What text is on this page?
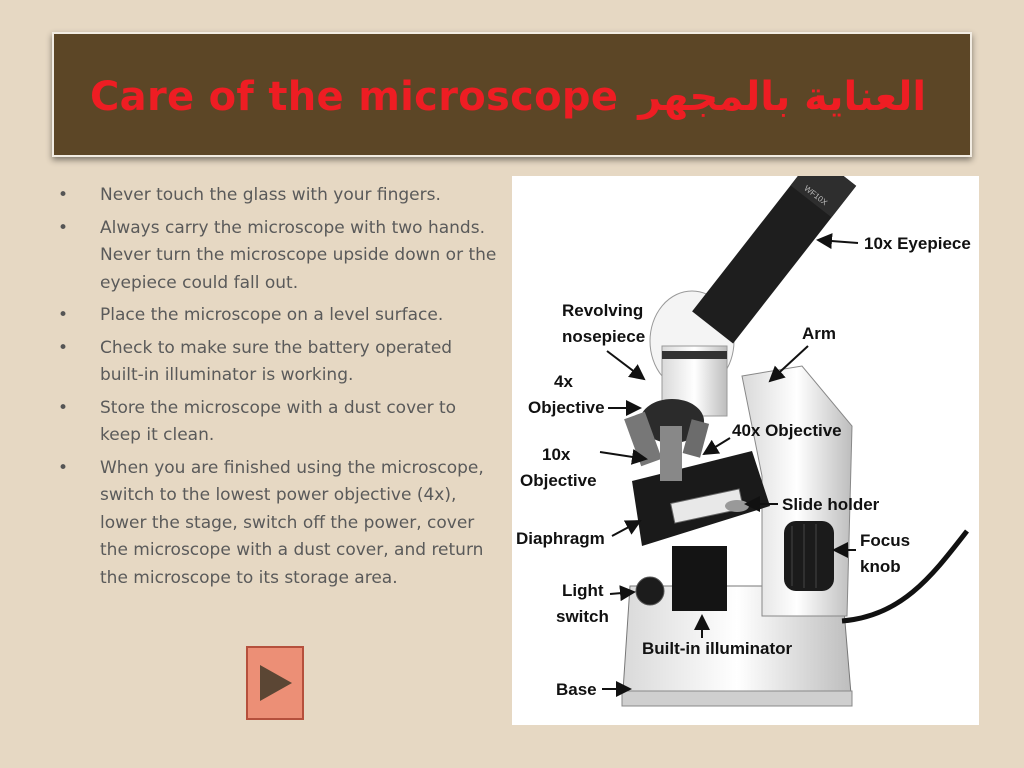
Care of the microscope العناية بالمجهر
• Never touch the glass with your fingers.
• Always carry the microscope with two hands. Never turn the microscope upside down or the eyepiece could fall out.
• Place the microscope on a level surface.
• Check to make sure the battery operated built-in illuminator is working.
• Store the microscope with a dust cover to keep it clean.
• When you are finished using the microscope, switch to the lowest power objective (4x), lower the stage, switch off the power, cover the microscope with a dust cover, and return the microscope to its storage area.
WF10X
10x Eyepiece
Revolving
nosepiece	Arm
4x
Objective
40x Objective
10x
Objective
Slide holder
Diaphragm	Focus
knob
Light
switch
Built-in illuminator
Base
